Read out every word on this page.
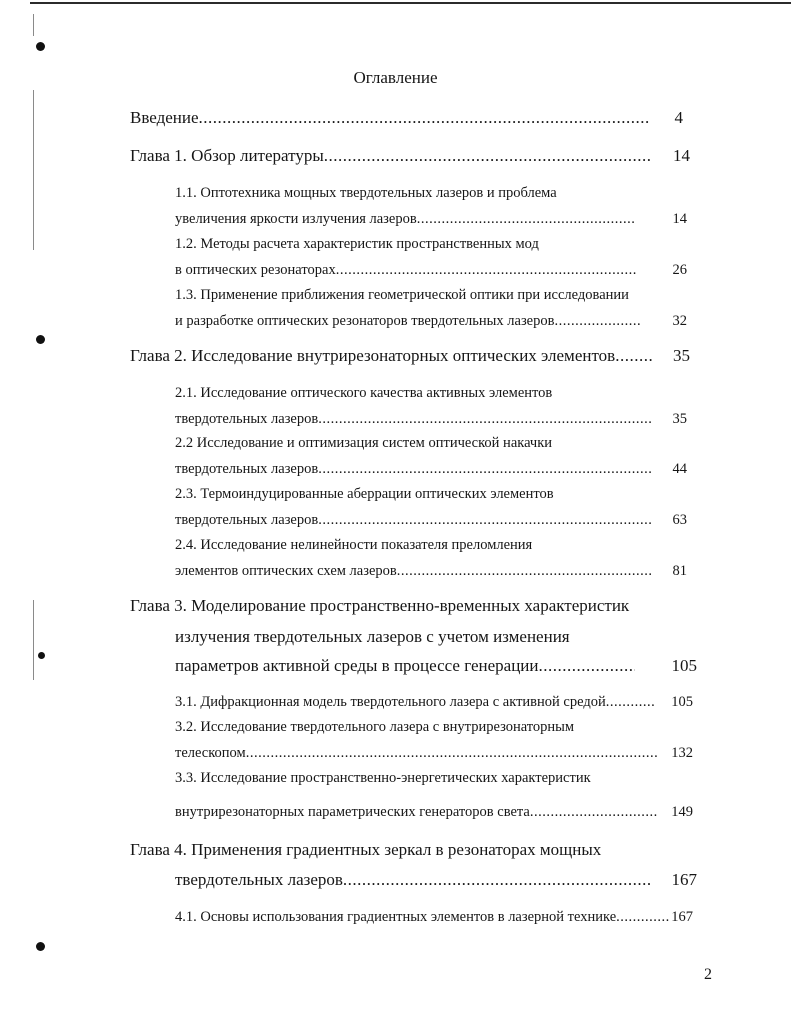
Оглавление
Введение .....	4
Глава 1. Обзор литературы .....	14
1.1. Оптотехника мощных твердотельных лазеров и проблема
увеличения яркости излучения лазеров .....	14
1.2. Методы расчета характеристик пространственных мод
в оптических резонаторах .....	26
1.3. Применение приближения геометрической оптики при исследовании
и разработке оптических резонаторов твердотельных лазеров .....	32
Глава 2. Исследование внутрирезонаторных оптических элементов .....	35
2.1. Исследование оптического качества активных элементов
твердотельных лазеров .....	35
2.2 Исследование и оптимизация систем оптической накачки
твердотельных лазеров .....	44
2.3. Термоиндуцированные аберрации оптических элементов
твердотельных лазеров .....	63
2.4. Исследование нелинейности показателя преломления
элементов оптических схем лазеров .....	81
Глава 3. Моделирование пространственно-временных характеристик
излучения твердотельных лазеров с учетом изменения
параметров активной среды в процессе генерации .....	105
3.1. Дифракционная модель твердотельного лазера с активной средой .....	105
3.2. Исследование твердотельного лазера с внутрирезонаторным
телескопом .....	132
3.3. Исследование пространственно-энергетических характеристик
внутрирезонаторных параметрических генераторов света .....	149
Глава 4. Применения градиентных зеркал в резонаторах мощных
твердотельных лазеров .....	167
4.1. Основы использования градиентных элементов в лазерной технике .....	167
2
